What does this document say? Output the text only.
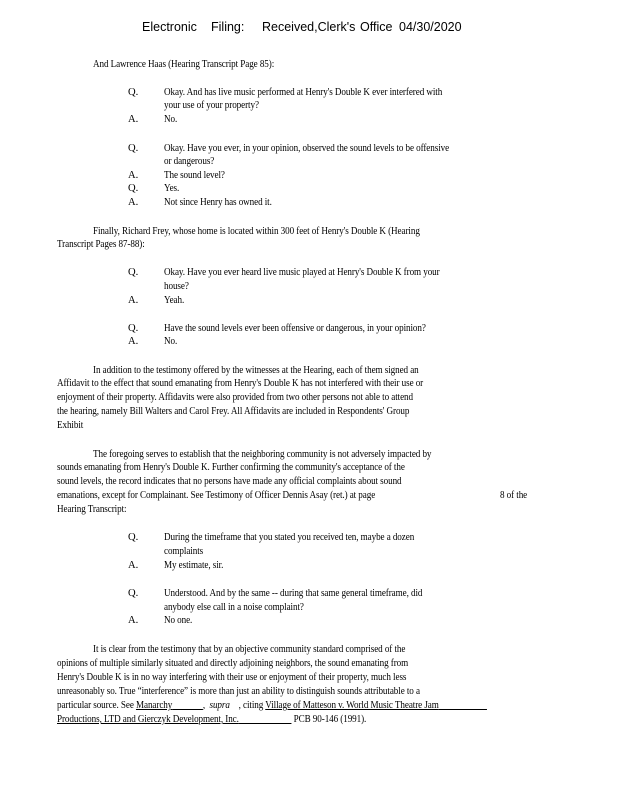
Electronic Filing: Received,Clerk's Office 04/30/2020
And Lawrence Haas (Hearing Transcript Page 85):
Q. Okay. And has live music performed at Henry's Double K ever interfered with
your use of your property?
A. No.
Q. Okay. Have you ever, in your opinion, observed the sound levels to be offensive
or dangerous?
A. The sound level?
Q. Yes.
A. Not since Henry has owned it.
Finally, Richard Frey, whose home is located within 300 feet of Henry's Double K (Hearing
Transcript Pages 87-88):
Q. Okay. Have you ever heard live music played at Henry's Double K from your
house?
A. Yeah.
Q. Have the sound levels ever been offensive or dangerous, in your opinion?
A. No.
In addition to the testimony offered by the witnesses at the Hearing, each of them signed an
Affidavit to the effect that sound emanating from Henry's Double K has not interfered with their use or
enjoyment of their property. Affidavits were also provided from two other persons not able to attend
the hearing, namely Bill Walters and Carol Frey. All Affidavits are included in Respondents' Group
Exhibit
The foregoing serves to establish that the neighboring community is not adversely impacted by
sounds emanating from Henry's Double K. Further confirming the community's acceptance of the
sound levels, the record indicates that no persons have made any official complaints about sound
emanations, except for Complainant. See Testimony of Officer Dennis Asay (ret.) at page	8 of the
Hearing Transcript:
Q. During the timeframe that you stated you received ten, maybe a dozen
complaints
A. My estimate, sir.
Q. Understood. And by the same -- during that same general timeframe, did
anybody else call in a noise complaint?
A. No one.
It is clear from the testimony that by an objective community standard comprised of the
opinions of multiple similarly situated and directly adjoining neighbors, the sound emanating from
Henry's Double K is in no way interfering with their use or enjoyment of their property, much less
unreasonably so. True “interference” is more than just an ability to distinguish sounds attributable to a
particular source. See Manarchy	,  supra , citing Village of Matteson v. World Music Theatre Jam
Productions, LTD and Gierczyk Development, Inc.	PCB 90-146 (1991).
